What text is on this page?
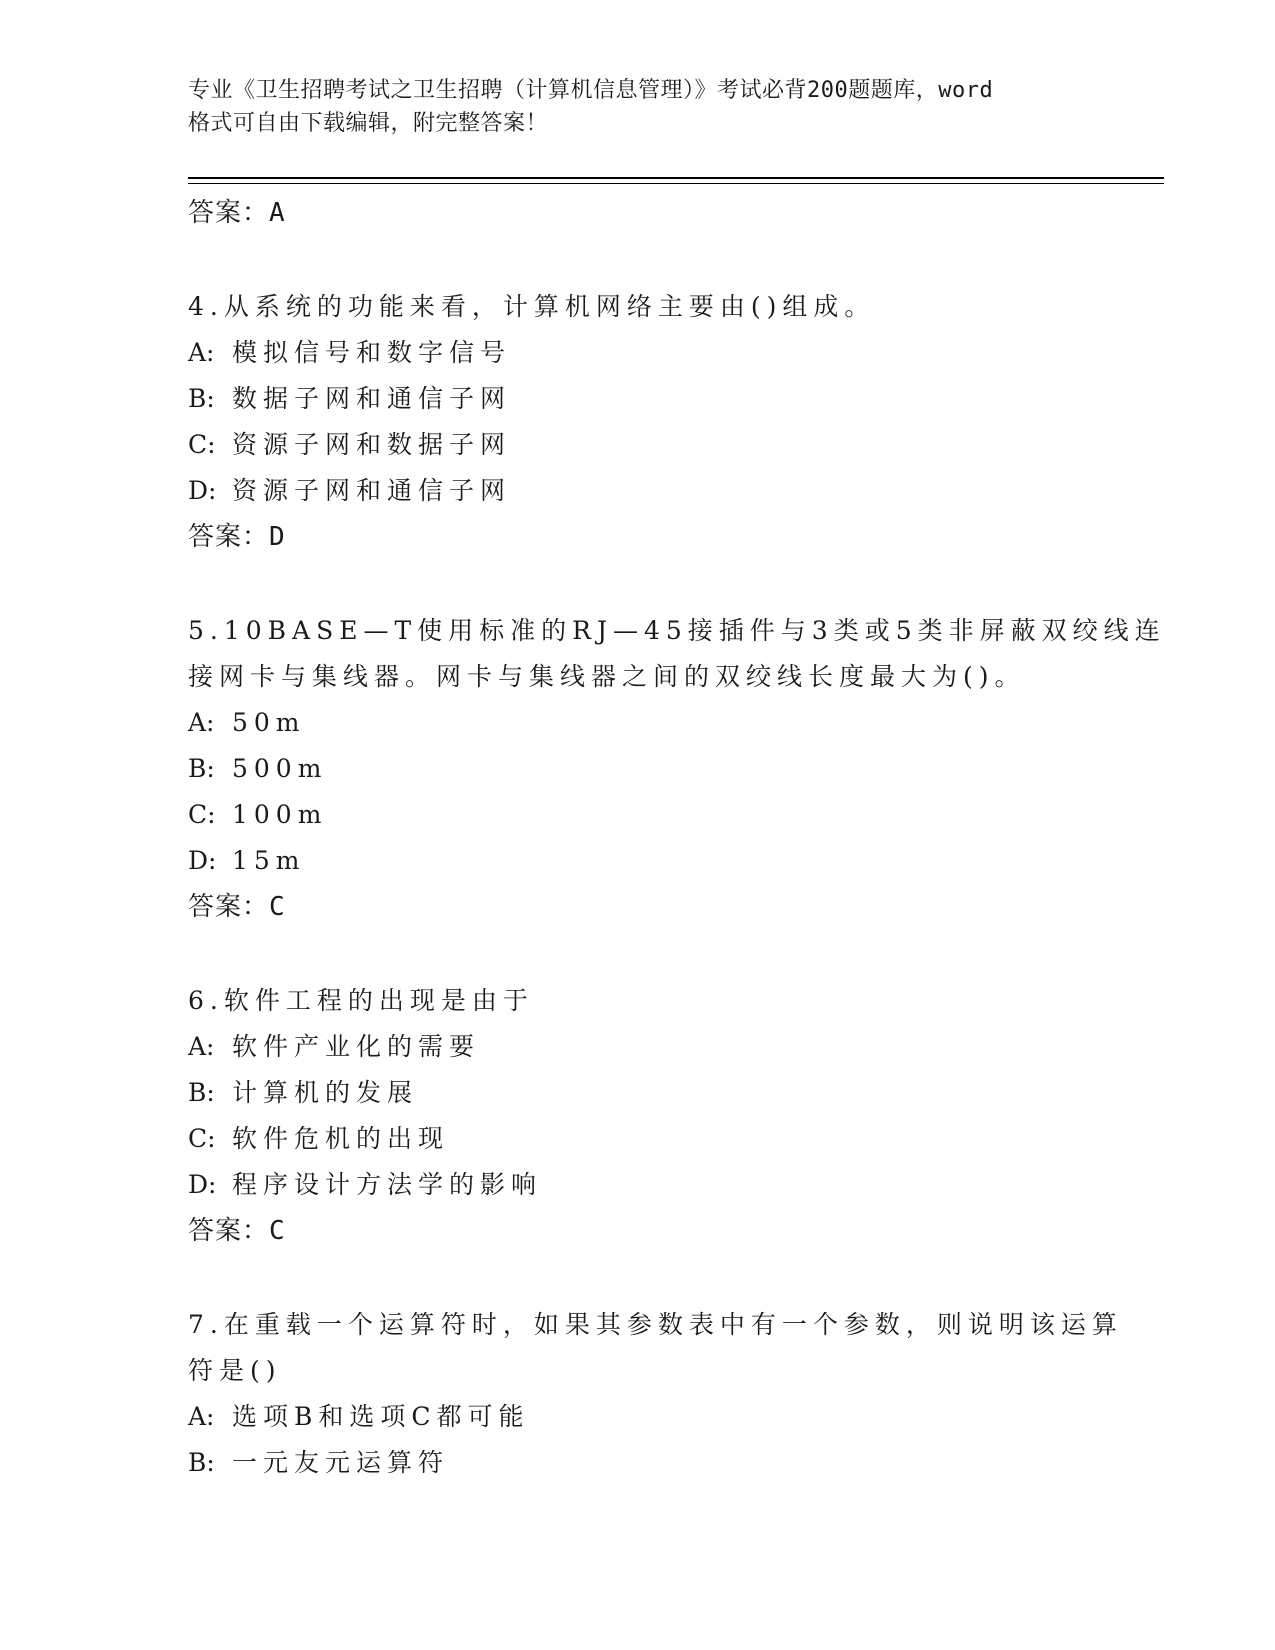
专业《卫生招聘考试之卫生招聘（计算机信息管理）》考试必背200题题库，word
格式可自由下载编辑，附完整答案！
答案：A
4.从系统的功能来看，计算机网络主要由()组成。
A: 模拟信号和数字信号
B: 数据子网和通信子网
C: 资源子网和数据子网
D: 资源子网和通信子网
答案：D
5.10BASE—T使用标准的RJ—45接插件与3类或5类非屏蔽双绞线连
接网卡与集线器。网卡与集线器之间的双绞线长度最大为()。
A: 50m
B: 500m
C: 100m
D: 15m
答案：C
6.软件工程的出现是由于
A: 软件产业化的需要
B: 计算机的发展
C: 软件危机的出现
D: 程序设计方法学的影响
答案：C
7.在重载一个运算符时，如果其参数表中有一个参数，则说明该运算
符是()
A: 选项B和选项C都可能
B: 一元友元运算符
